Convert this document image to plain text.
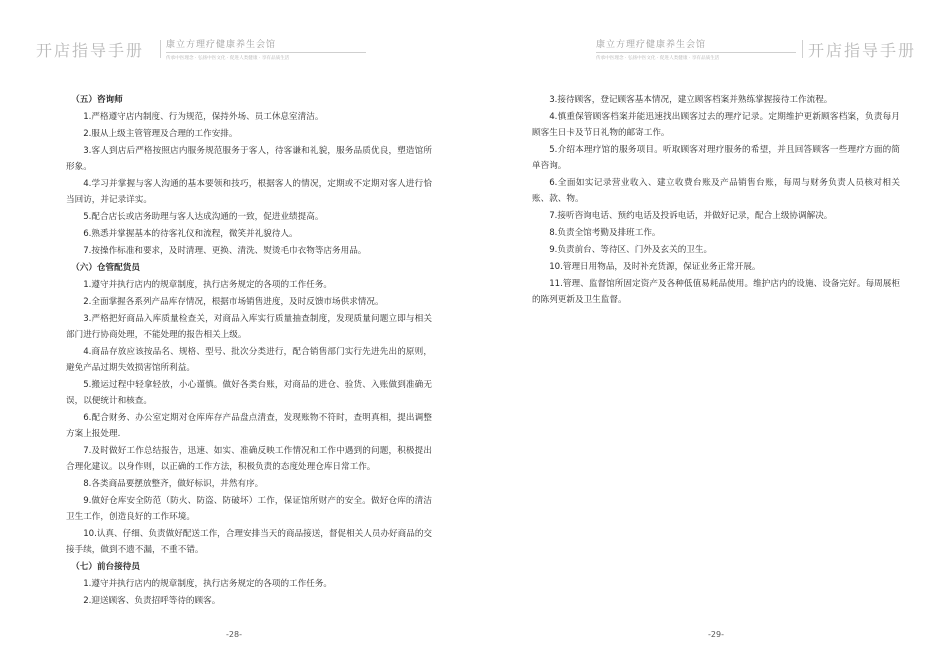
开店指导手册 康立方理疗健康养生会馆
传承中医理念 · 弘扬中医文化 · 促进人类健康 · 享有品质生活
（五）咨询师

1.严格遵守店内制度、行为规范，保持外场、员工休息室清洁。

2.服从上级主管管理及合理的工作安排。

3.客人到店后严格按照店内服务规范服务于客人，待客谦和礼貌，服务品质优良，塑造馆所形象。

4.学习并掌握与客人沟通的基本要领和技巧，根据客人的情况，定期或不定期对客人进行恰当回访，并记录详实。

5.配合店长或店务助理与客人达成沟通的一致，促进业绩提高。

6.熟悉并掌握基本的待客礼仪和流程，微笑并礼貌待人。

7.按操作标准和要求，及时清理、更换、清洗、熨烫毛巾衣物等店务用品。

（六）仓管配货员

1.遵守并执行店内的规章制度，执行店务规定的各项的工作任务。

2.全面掌握各系列产品库存情况，根据市场销售进度，及时反馈市场供求情况。

3.严格把好商品入库质量检查关，对商品入库实行质量抽查制度，发现质量问题立即与相关部门进行协商处理，不能处理的报告相关上级。

4.商品存放应该按品名、规格、型号、批次分类进行，配合销售部门实行先进先出的原则，避免产品过期失效损害馆所利益。

5.搬运过程中轻拿轻放，小心谨慎。做好各类台账，对商品的进仓、验货、入账做到准确无误，以便统计和核查。

6.配合财务、办公室定期对仓库库存产品盘点清查，发现账物不符时，查明真相，提出调整方案上报处理.

7.及时做好工作总结报告，迅速、如实、准确反映工作情况和工作中遇到的问题，积极提出合理化建议。以身作则，以正确的工作方法，积极负责的态度处理仓库日常工作。

8.各类商品要摆放整齐，做好标识，井然有序。

9.做好仓库安全防范（防火、防盗、防破坏）工作，保证馆所财产的安全。做好仓库的清洁卫生工作，创造良好的工作环境。

10.认真、仔细、负责做好配送工作，合理安排当天的商品接送，督促相关人员办好商品的交接手续，做到不遗不漏，不重不错。

（七）前台接待员

1.遵守并执行店内的规章制度，执行店务规定的各项的工作任务。

2.迎送顾客、负责招呼等待的顾客。

-28-
康立方理疗健康养生会馆
传承中医理念 · 弘扬中医文化 · 促进人类健康 · 享有品质生活	开店指导手册

3.接待顾客，登记顾客基本情况，建立顾客档案并熟练掌握接待工作流程。

4.慎重保管顾客档案并能迅速找出顾客过去的理疗记录。定期维护更新顾客档案，负责每月顾客生日卡及节日礼物的邮寄工作。

5.介绍本理疗馆的服务项目。听取顾客对理疗服务的希望，并且回答顾客一些理疗方面的简单咨询。

6.全面如实记录营业收入、建立收费台账及产品销售台账，每周与财务负责人员核对相关账、款、物。

7.接听咨询电话、预约电话及投诉电话，并做好记录，配合上级协调解决。

8.负责全馆考勤及排班工作。

9.负责前台、等待区、门外及玄关的卫生。

10.管理日用物品，及时补充货源，保证业务正常开展。

11.管理、监督馆所固定资产及各种低值易耗品使用。维护店内的设施、设备完好。每周展柜的陈列更新及卫生监督。

-29-
